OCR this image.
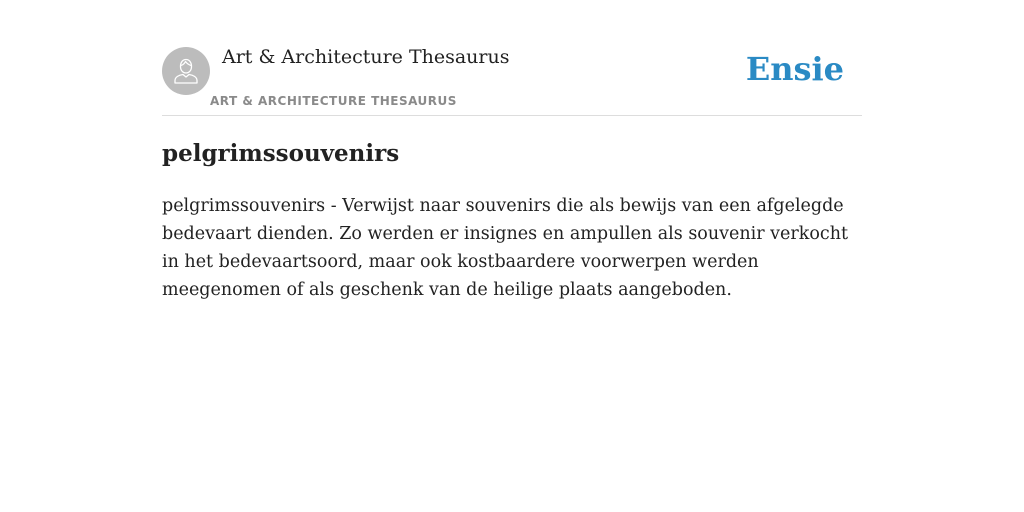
Art & Architecture Thesaurus
ART & ARCHITECTURE THESAURUS
Ensie
pelgrimssouvenirs

pelgrimssouvenirs - Verwijst naar souvenirs die als bewijs van een afgelegde bedevaart dienden. Zo werden er insignes en ampullen als souvenir verkocht in het bedevaartsoord, maar ook kostbaardere voorwerpen werden meegenomen of als geschenk van de heilige plaats aangeboden.
